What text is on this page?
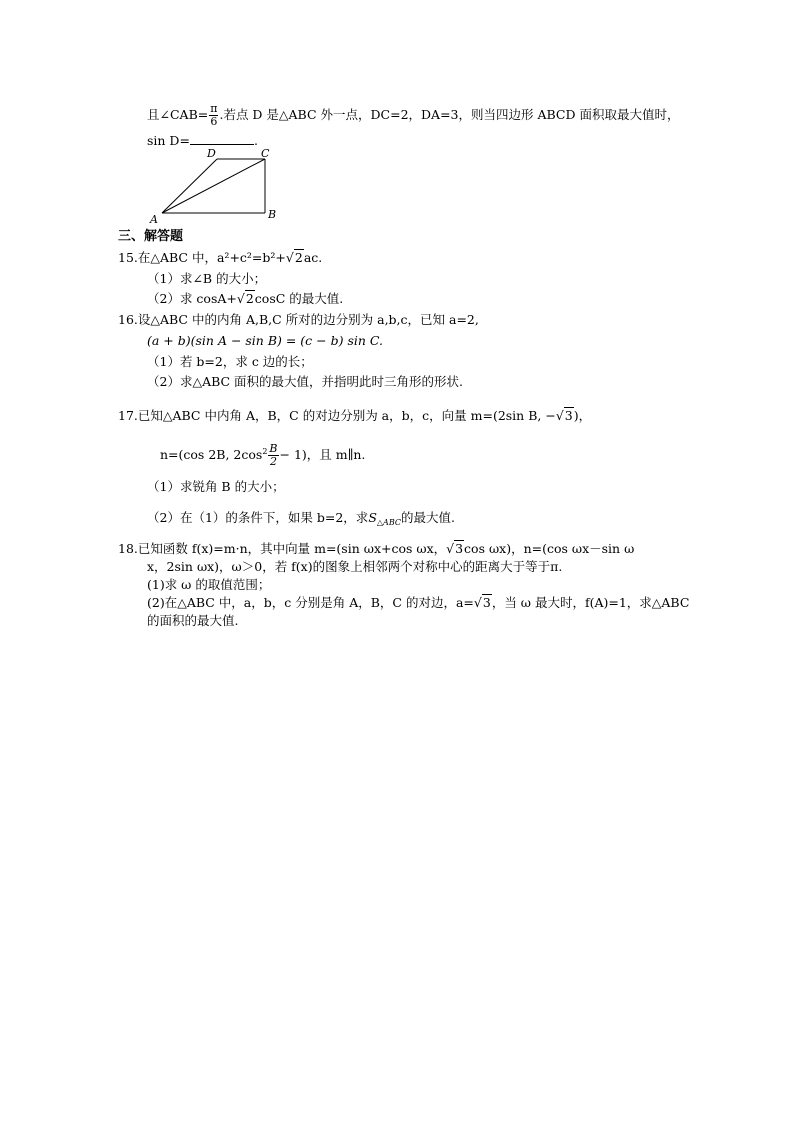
且∠CAB= $\frac{\pi}{6}$ .若点 D 是△ABC 外一点，DC=2，DA=3，则当四边形 ABCD 面积取最大值时，
sin D=	.
A	B
C
D
三、解答题
15.在△ABC 中，a²+c²=b²+√2ac.
（1）求∠B 的大小；
（2）求 cosA+√2cosC 的最大值.
16.设△ABC 中的内角 A,B,C 所对的边分别为 a,b,c，已知 a=2,
(a + b)(sin A − sin B) = (c − b) sin C.
（1）若 b=2，求 c 边的长；
（2）求△ABC 面积的最大值，并指明此时三角形的形状.
17.已知△ABC 中内角 A，B，C 的对边分别为 a，b，c，向量 m=(2sin B, −√3)，
n=(cos 2B, $2\cos^2 \frac{B}{2} - 1$)，且 m∥n.
（1）求锐角 B 的大小；
（2）在（1）的条件下，如果 b=2，求$S_{\triangle ABC}$的最大值.
18.已知函数 f(x)=m·n，其中向量 m=(sin ωx+cos ωx，√3cos ωx)，n=(cos ωx－sin ω
x，2sin ωx)，ω＞0，若 f(x)的图象上相邻两个对称中心的距离大于等于π.
(1)求 ω 的取值范围；
(2)在△ABC 中，a，b，c 分别是角 A，B，C 的对边，a=√3，当 ω 最大时，f(A)=1，求△ABC
的面积的最大值.
